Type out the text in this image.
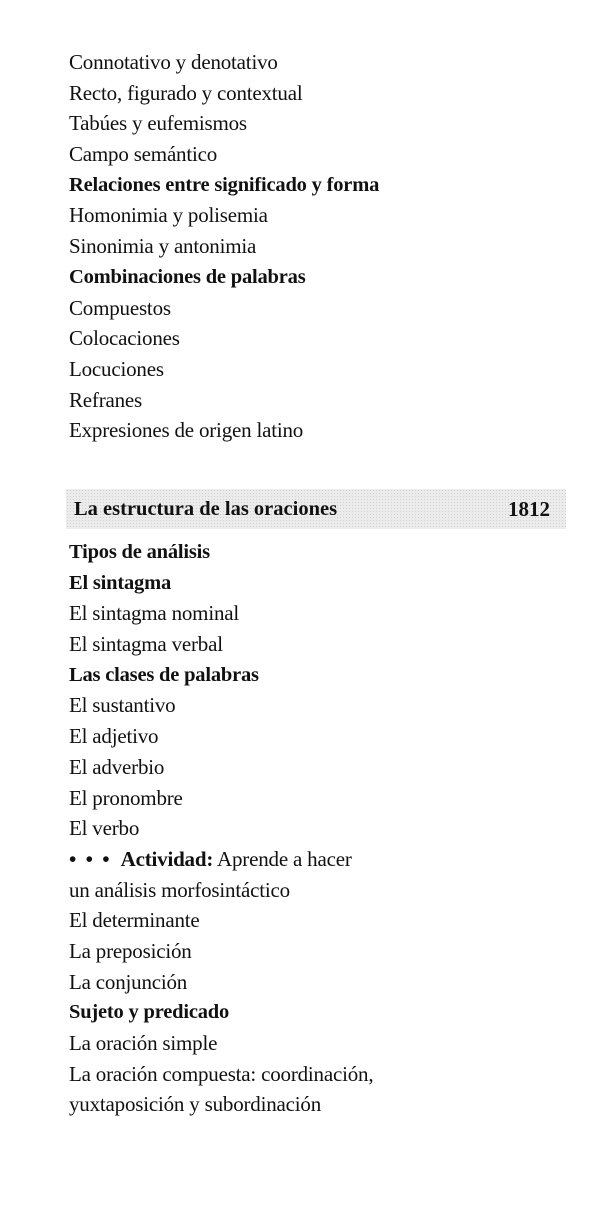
Connotativo y denotativo
Recto, figurado y contextual
Tabúes y eufemismos
Campo semántico
Relaciones entre significado y forma
Homonimia y polisemia
Sinonimia y antonimia
Combinaciones de palabras
Compuestos
Colocaciones
Locuciones
Refranes
Expresiones de origen latino
La estructura de las oraciones	1812
Tipos de análisis
El sintagma
El sintagma nominal
El sintagma verbal
Las clases de palabras
El sustantivo
El adjetivo
El adverbio
El pronombre
El verbo
• • • Actividad: Aprende a hacer
un análisis morfosintáctico
El determinante
La preposición
La conjunción
Sujeto y predicado
La oración simple
La oración compuesta: coordinación,
yuxtaposición y subordinación
